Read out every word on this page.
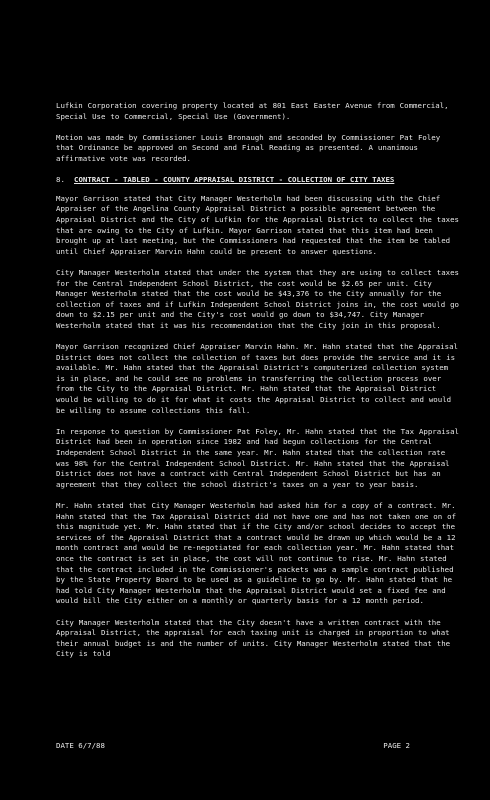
Lufkin Corporation covering property located at 801 East Easter Avenue from Commercial, Special Use to Commercial, Special Use (Government).

Motion was made by Commissioner Louis Bronaugh and seconded by Commissioner Pat Foley that Ordinance be approved on Second and Final Reading as presented. A unanimous affirmative vote was recorded.

8.	CONTRACT - TABLED - COUNTY APPRAISAL DISTRICT - COLLECTION OF CITY TAXES

Mayor Garrison stated that City Manager Westerholm had been discussing with the Chief Appraiser of the Angelina County Appraisal District a possible agreement between the Appraisal District and the City of Lufkin for the Appraisal District to collect the taxes that are owing to the City of Lufkin. Mayor Garrison stated that this item had been brought up at last meeting, but the Commissioners had requested that the item be tabled until Chief Appraiser Marvin Hahn could be present to answer questions.

City Manager Westerholm stated that under the system that they are using to collect taxes for the Central Independent School District, the cost would be $2.65 per unit. City Manager Westerholm stated that the cost would be $43,376 to the City annually for the collection of taxes and if Lufkin Independent School District joins in, the cost would go down to $2.15 per unit and the City's cost would go down to $34,747. City Manager Westerholm stated that it was his recommendation that the City join in this proposal.

Mayor Garrison recognized Chief Appraiser Marvin Hahn. Mr. Hahn stated that the Appraisal District does not collect the collection of taxes but does provide the service and it is available. Mr. Hahn stated that the Appraisal District's computerized collection system is in place, and he could see no problems in transferring the collection process over from the City to the Appraisal District. Mr. Hahn stated that the Appraisal District would be willing to do it for what it costs the Appraisal District to collect and would be willing to assume collections this fall.

In response to question by Commissioner Pat Foley, Mr. Hahn stated that the Tax Appraisal District had been in operation since 1982 and had begun collections for the Central Independent School District in the same year. Mr. Hahn stated that the collection rate was 98% for the Central Independent School District. Mr. Hahn stated that the Appraisal District does not have a contract with Central Independent School District but has an agreement that they collect the school district's taxes on a year to year basis.

Mr. Hahn stated that City Manager Westerholm had asked him for a copy of a contract. Mr. Hahn stated that the Tax Appraisal District did not have one and has not taken one on of this magnitude yet. Mr. Hahn stated that if the City and/or school decides to accept the services of the Appraisal District that a contract would be drawn up which would be a 12 month contract and would be re-negotiated for each collection year. Mr. Hahn stated that once the contract is set in place, the cost will not continue to rise. Mr. Hahn stated that the contract included in the Commissioner's packets was a sample contract published by the State Property Board to be used as a guideline to go by. Mr. Hahn stated that he had told City Manager Westerholm that the Appraisal District would set a fixed fee and would bill the City either on a monthly or quarterly basis for a 12 month period.

City Manager Westerholm stated that the City doesn't have a written contract with the Appraisal District, the appraisal for each taxing unit is charged in proportion to what their annual budget is and the number of units. City Manager Westerholm stated that the City is told

DATE 6/7/88	PAGE 2
